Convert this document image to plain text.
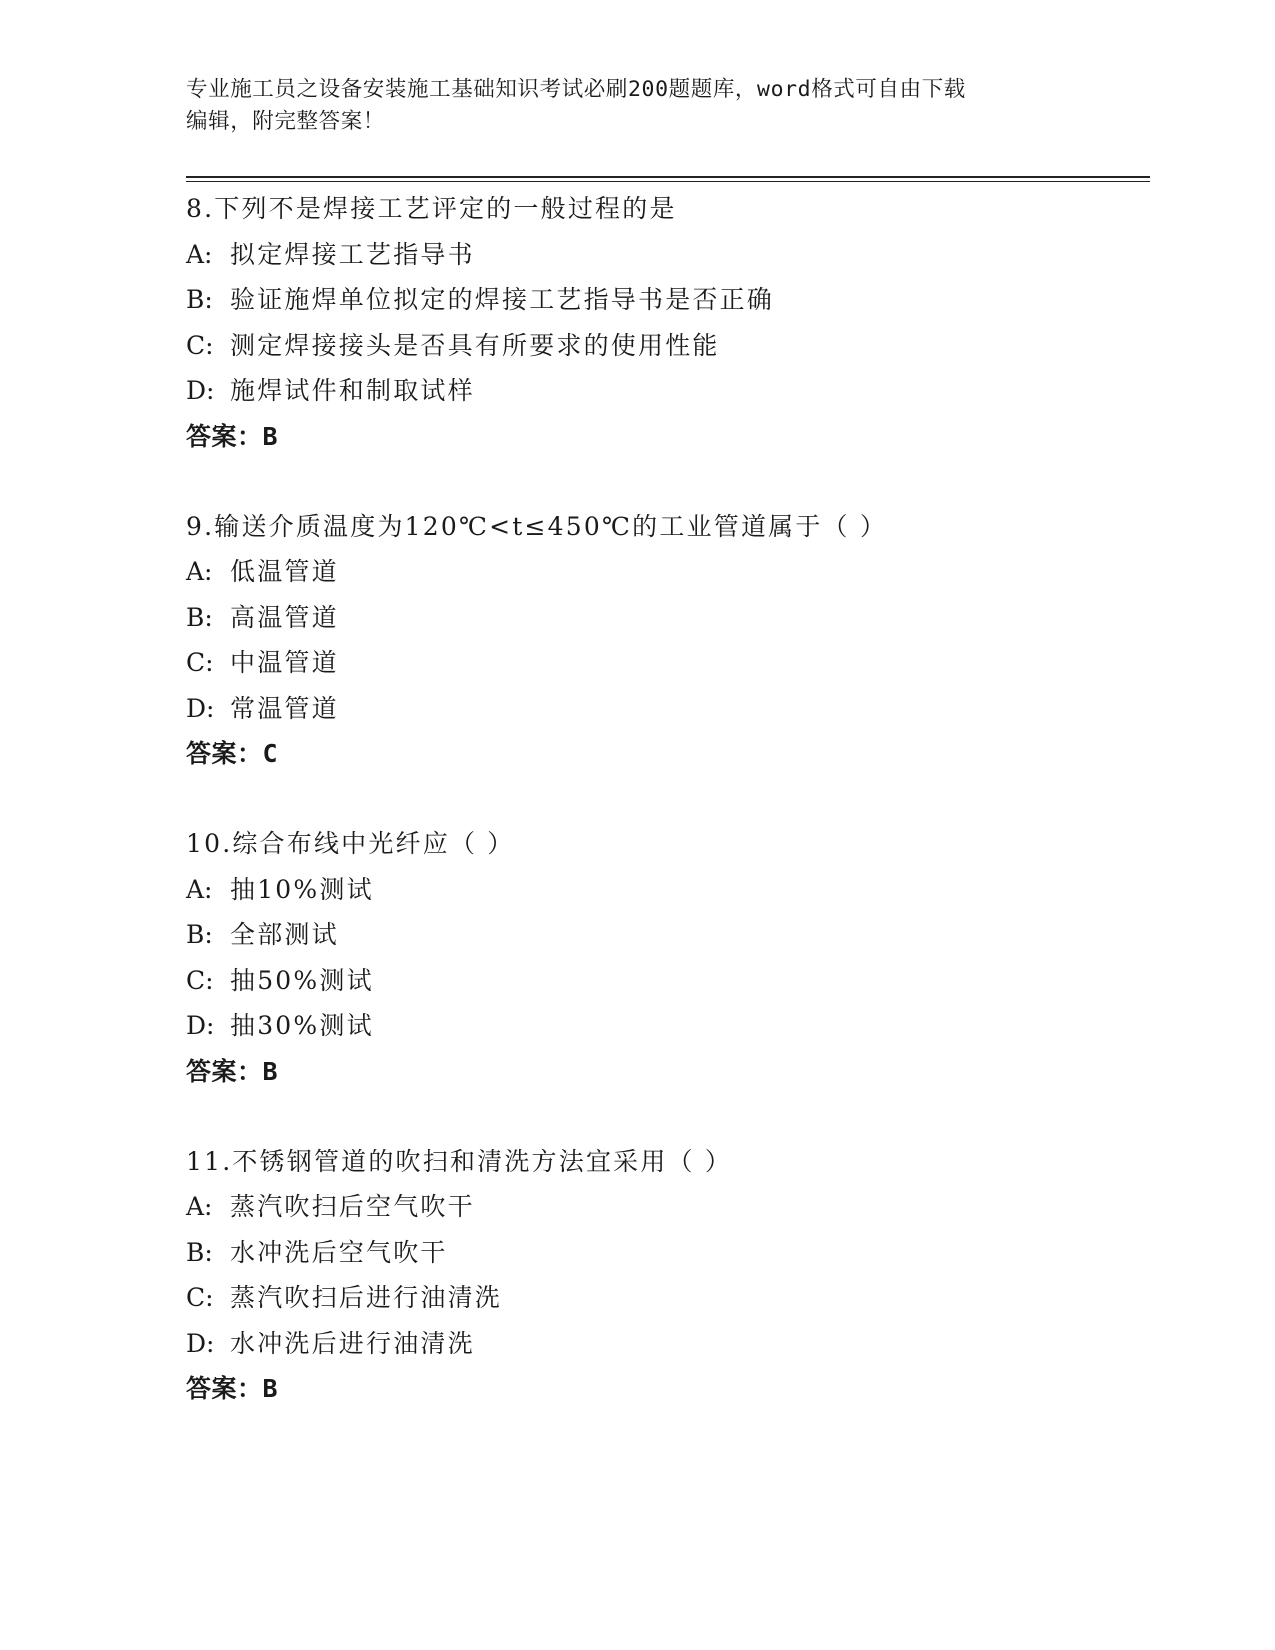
专业施工员之设备安装施工基础知识考试必刷200题题库，word格式可自由下载
编辑，附完整答案！
8.下列不是焊接工艺评定的一般过程的是
A: 拟定焊接工艺指导书
B: 验证施焊单位拟定的焊接工艺指导书是否正确
C: 测定焊接接头是否具有所要求的使用性能
D: 施焊试件和制取试样
答案：B
9.输送介质温度为120℃<t≤450℃的工业管道属于（ ）
A: 低温管道
B: 高温管道
C: 中温管道
D: 常温管道
答案：C
10.综合布线中光纤应（ ）
A: 抽10%测试
B: 全部测试
C: 抽50%测试
D: 抽30%测试
答案：B
11.不锈钢管道的吹扫和清洗方法宜采用（ ）
A: 蒸汽吹扫后空气吹干
B: 水冲洗后空气吹干
C: 蒸汽吹扫后进行油清洗
D: 水冲洗后进行油清洗
答案：B
